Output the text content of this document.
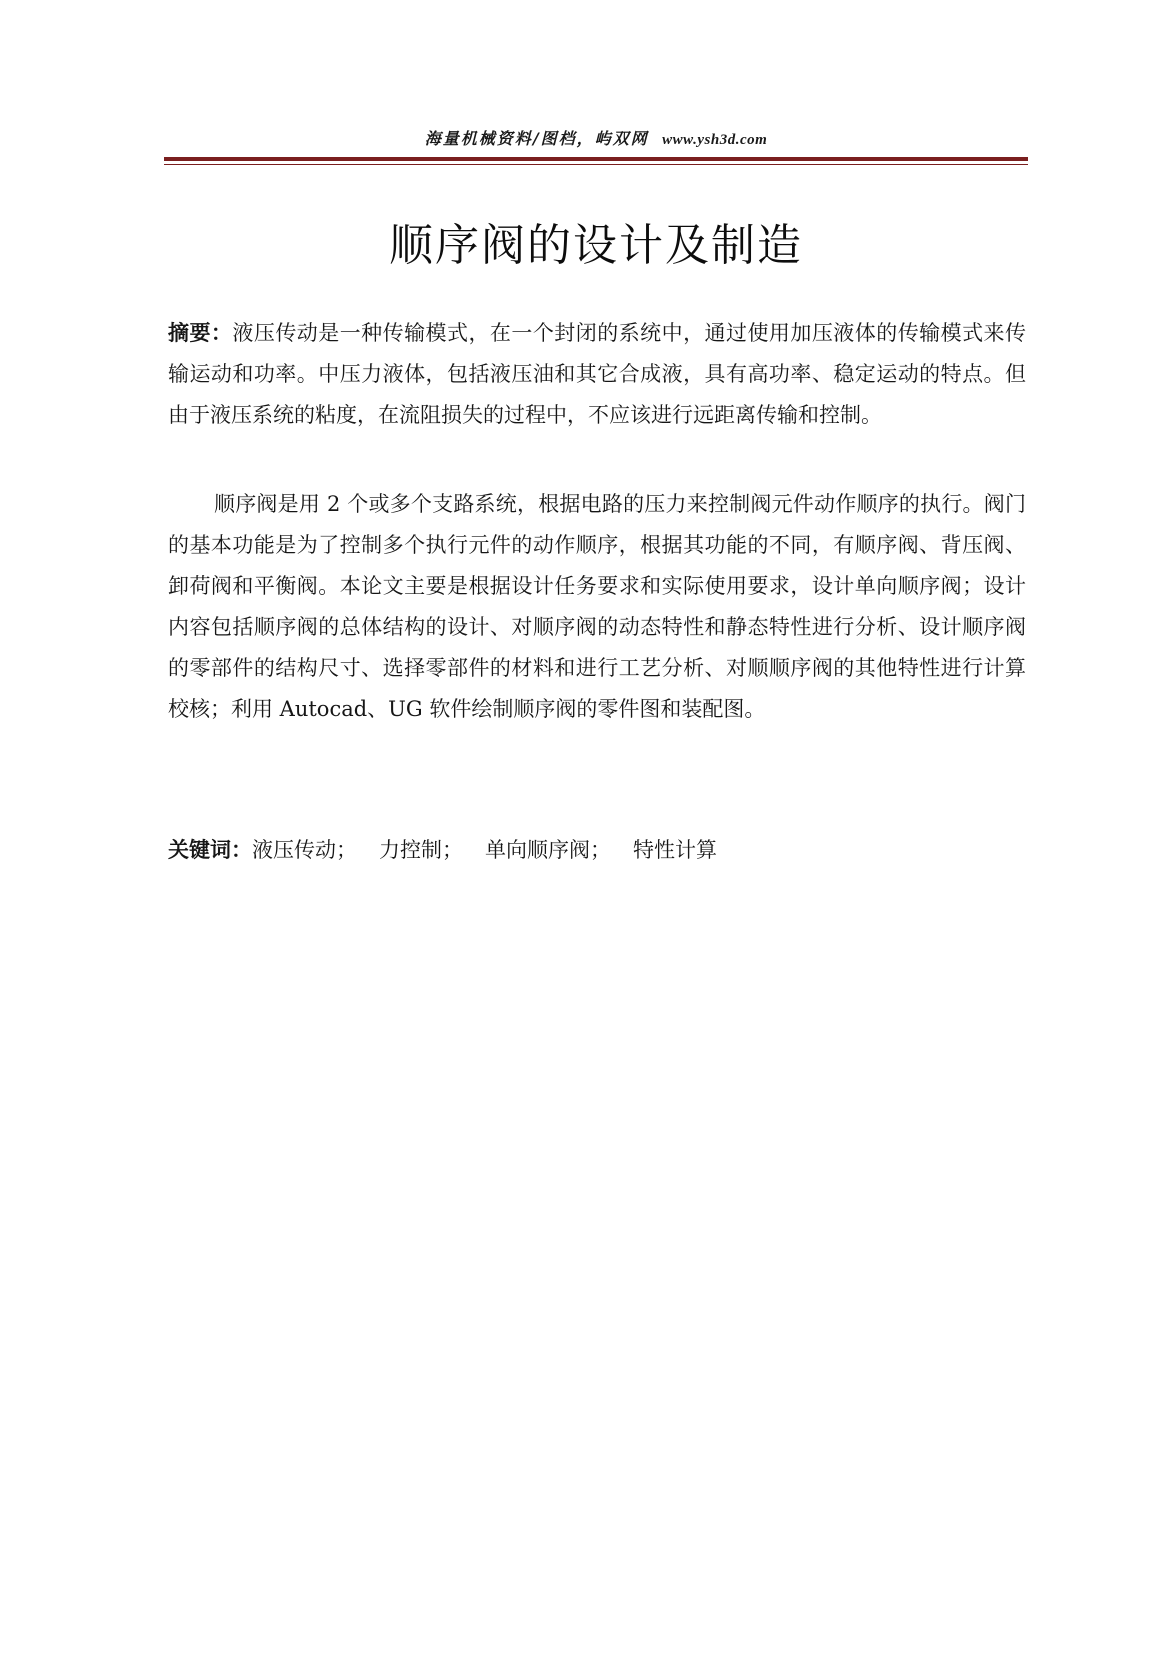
海量机械资料/图档，屿双网 www.ysh3d.com
顺序阀的设计及制造
摘要：液压传动是一种传输模式，在一个封闭的系统中，通过使用加压液体的传输模式来传输运动和功率。中压力液体，包括液压油和其它合成液，具有高功率、稳定运动的特点。但由于液压系统的粘度，在流阻损失的过程中，不应该进行远距离传输和控制。
顺序阀是用 2 个或多个支路系统，根据电路的压力来控制阀元件动作顺序的执行。阀门的基本功能是为了控制多个执行元件的动作顺序，根据其功能的不同，有顺序阀、背压阀、卸荷阀和平衡阀。本论文主要是根据设计任务要求和实际使用要求，设计单向顺序阀；设计内容包括顺序阀的总体结构的设计、对顺序阀的动态特性和静态特性进行分析、设计顺序阀的零部件的结构尺寸、选择零部件的材料和进行工艺分析、对顺顺序阀的其他特性进行计算校核；利用 Autocad、UG 软件绘制顺序阀的零件图和装配图。
关键词：液压传动； 力控制； 单向顺序阀； 特性计算
